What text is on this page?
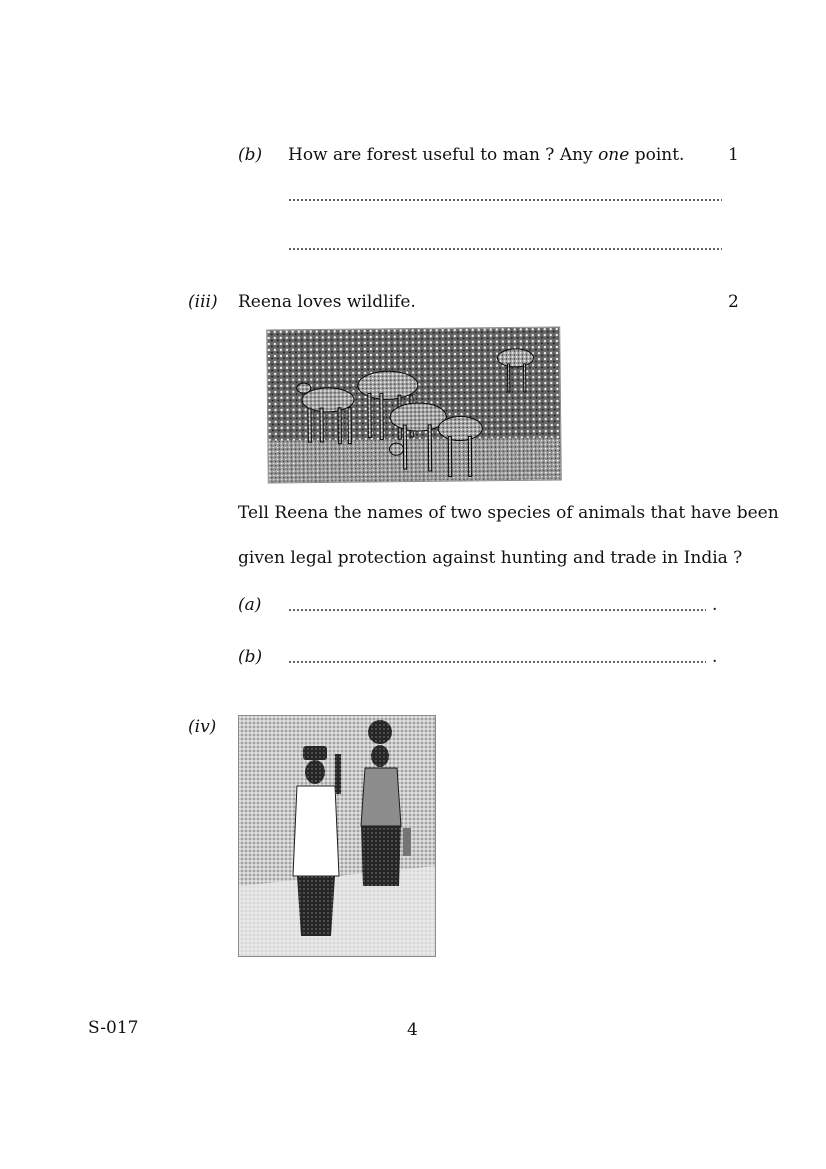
(b) How are forest useful to man ? Any one point.	1
(iii) Reena loves wildlife.	2
Tell Reena the names of two species of animals that have been
given legal protection against hunting and trade in India ?
(a)	.
(b)	.
(iv)
S-017	4
